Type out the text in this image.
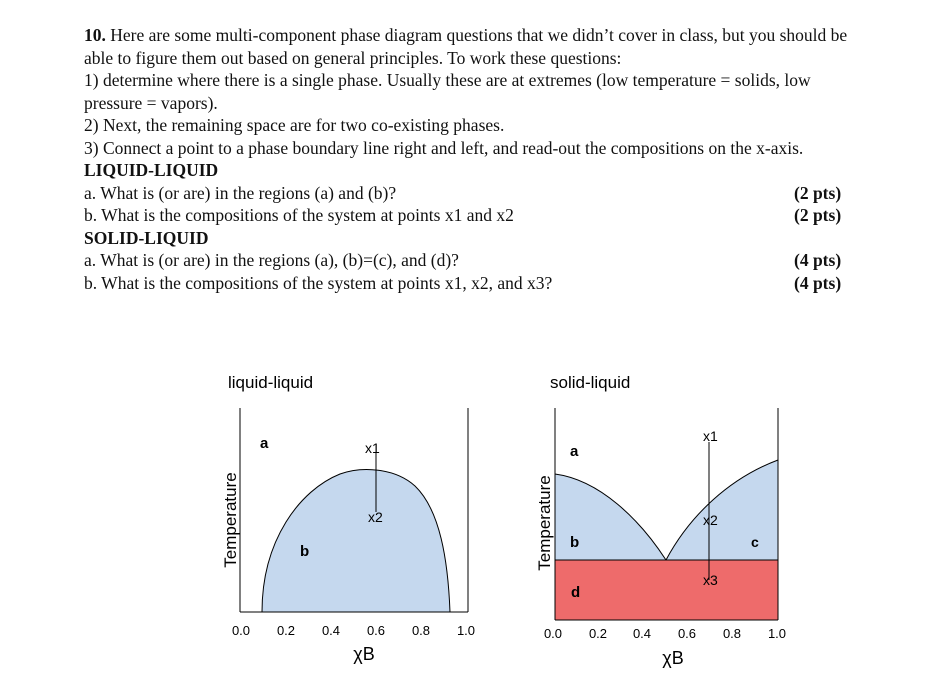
10. Here are some multi-component phase diagram questions that we didn’t cover in class, but you should be able to figure them out based on general principles. To work these questions:

1) determine where there is a single phase. Usually these are at extremes (low temperature = solids, low pressure = vapors).

2) Next, the remaining space are for two co-existing phases.

3) Connect a point to a phase boundary line right and left, and read-out the compositions on the x-axis.

LIQUID-LIQUID

a. What is (or are) in the regions (a) and (b)?	(2 pts)
b. What is the compositions of the system at points x1 and x2	(2 pts)

SOLID-LIQUID

a. What is (or are) in the regions (a), (b)=(c), and (d)?	(4 pts)
b. What is the compositions of the system at points x1, x2, and x3?	(4 pts)
liquid-liquid
x1
x2
a
b
Temperature
0.0 0.2 0.4 0.6 0.8 1.0
χB
solid-liquid
x1
x2
x3
a
b	c
d
Temperature
0.0 0.2 0.4 0.6 0.8 1.0
χB
